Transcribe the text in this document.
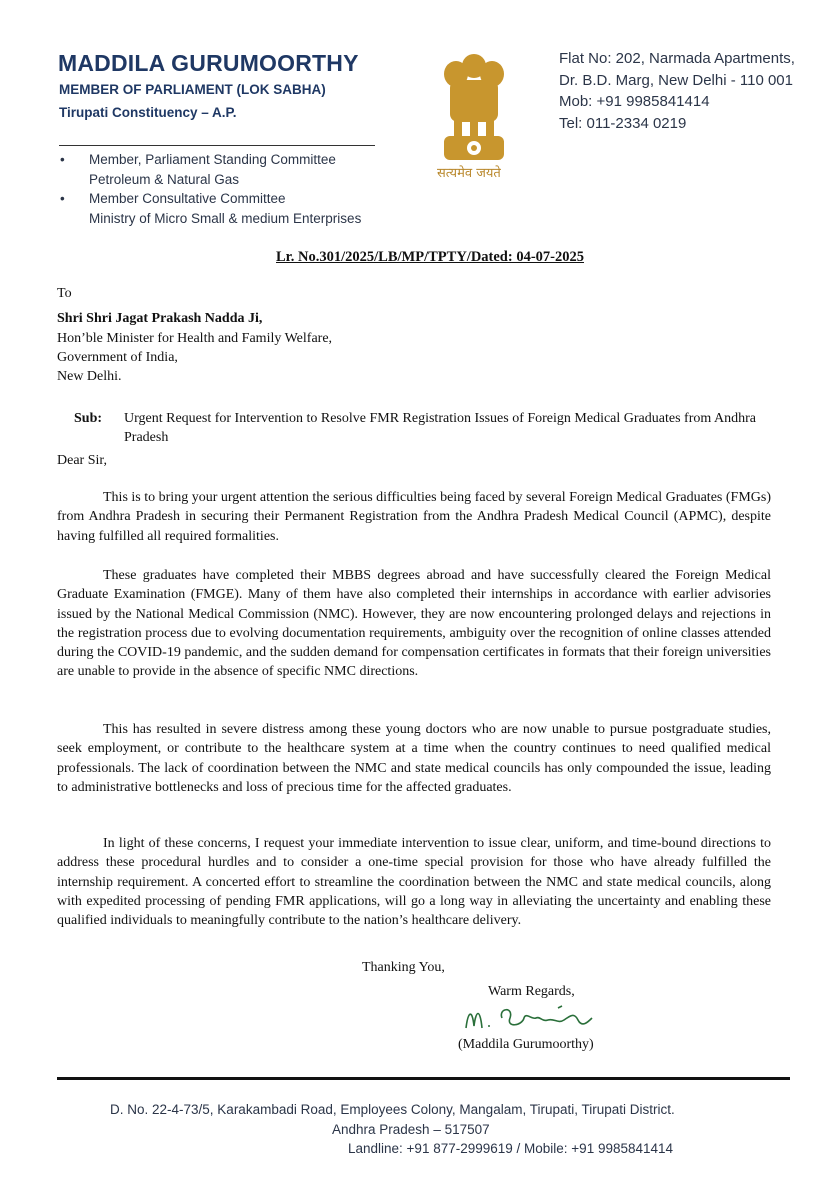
MADDILA GURUMOORTHY
MEMBER OF PARLIAMENT (LOK SABHA)
Tirupati Constituency – A.P.
• Member, Parliament Standing Committee
Petroleum & Natural Gas
• Member Consultative Committee
Ministry of Micro Small & medium Enterprises
सत्यमेव जयते
Flat No: 202, Narmada Apartments,
Dr. B.D. Marg, New Delhi - 110 001
Mob: +91 9985841414
Tel: 011-2334 0219
Lr. No.301/2025/LB/MP/TPTY/Dated: 04-07-2025
To
Shri Shri Jagat Prakash Nadda Ji,
Hon’ble Minister for Health and Family Welfare,
Government of India,
New Delhi.
Sub: Urgent Request for Intervention to Resolve FMR Registration Issues of Foreign Medical Graduates from Andhra Pradesh
Dear Sir,
This is to bring your urgent attention the serious difficulties being faced by several Foreign Medical Graduates (FMGs) from Andhra Pradesh in securing their Permanent Registration from the Andhra Pradesh Medical Council (APMC), despite having fulfilled all required formalities.
These graduates have completed their MBBS degrees abroad and have successfully cleared the Foreign Medical Graduate Examination (FMGE). Many of them have also completed their internships in accordance with earlier advisories issued by the National Medical Commission (NMC). However, they are now encountering prolonged delays and rejections in the registration process due to evolving documentation requirements, ambiguity over the recognition of online classes attended during the COVID-19 pandemic, and the sudden demand for compensation certificates in formats that their foreign universities are unable to provide in the absence of specific NMC directions.
This has resulted in severe distress among these young doctors who are now unable to pursue postgraduate studies, seek employment, or contribute to the healthcare system at a time when the country continues to need qualified medical professionals. The lack of coordination between the NMC and state medical councils has only compounded the issue, leading to administrative bottlenecks and loss of precious time for the affected graduates.
In light of these concerns, I request your immediate intervention to issue clear, uniform, and time-bound directions to address these procedural hurdles and to consider a one-time special provision for those who have already fulfilled the internship requirement. A concerted effort to streamline the coordination between the NMC and state medical councils, along with expedited processing of pending FMR applications, will go a long way in alleviating the uncertainty and enabling these qualified individuals to meaningfully contribute to the nation’s healthcare delivery.
Thanking You,
Warm Regards,
(Maddila Gurumoorthy)
D. No. 22-4-73/5, Karakambadi Road, Employees Colony, Mangalam, Tirupati, Tirupati District.
Andhra Pradesh – 517507
Landline: +91 877-2999619 / Mobile: +91 9985841414
